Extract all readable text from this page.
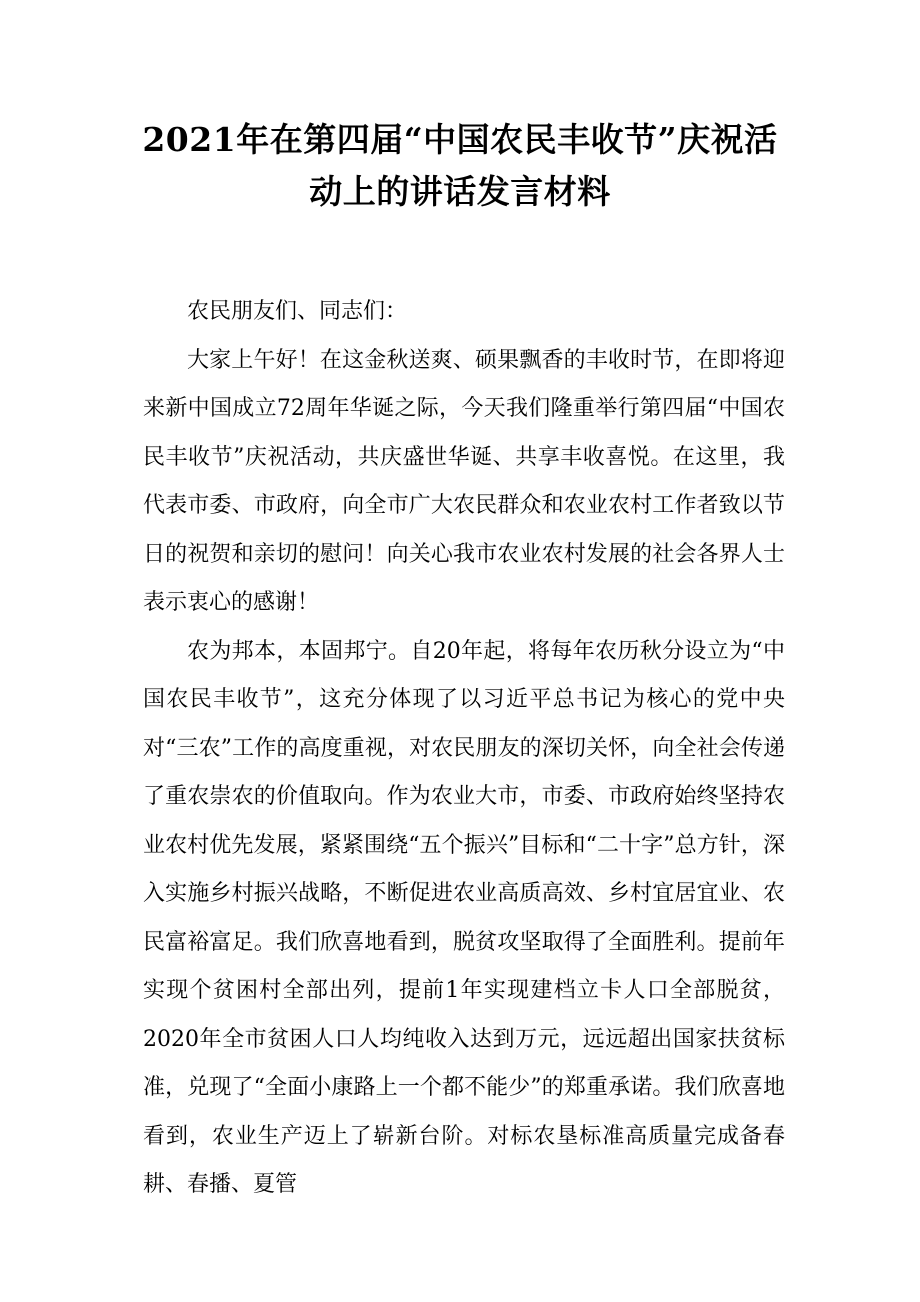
2021年在第四届“中国农民丰收节”庆祝活动上的讲话发言材料

农民朋友们、同志们：

大家上午好！在这金秋送爽、硕果飘香的丰收时节，在即将迎来新中国成立72周年华诞之际，今天我们隆重举行第四届“中国农民丰收节”庆祝活动，共庆盛世华诞、共享丰收喜悦。在这里，我代表市委、市政府，向全市广大农民群众和农业农村工作者致以节日的祝贺和亲切的慰问！向关心我市农业农村发展的社会各界人士表示衷心的感谢！

农为邦本，本固邦宁。自20年起，将每年农历秋分设立为“中国农民丰收节”，这充分体现了以习近平总书记为核心的党中央对“三农”工作的高度重视，对农民朋友的深切关怀，向全社会传递了重农崇农的价值取向。作为农业大市，市委、市政府始终坚持农业农村优先发展，紧紧围绕“五个振兴”目标和“二十字”总方针，深入实施乡村振兴战略，不断促进农业高质高效、乡村宜居宜业、农民富裕富足。我们欣喜地看到，脱贫攻坚取得了全面胜利。提前年实现个贫困村全部出列，提前1年实现建档立卡人口全部脱贫，2020年全市贫困人口人均纯收入达到万元，远远超出国家扶贫标准，兑现了“全面小康路上一个都不能少”的郑重承诺。我们欣喜地看到，农业生产迈上了崭新台阶。对标农垦标准高质量完成备春耕、春播、夏管
